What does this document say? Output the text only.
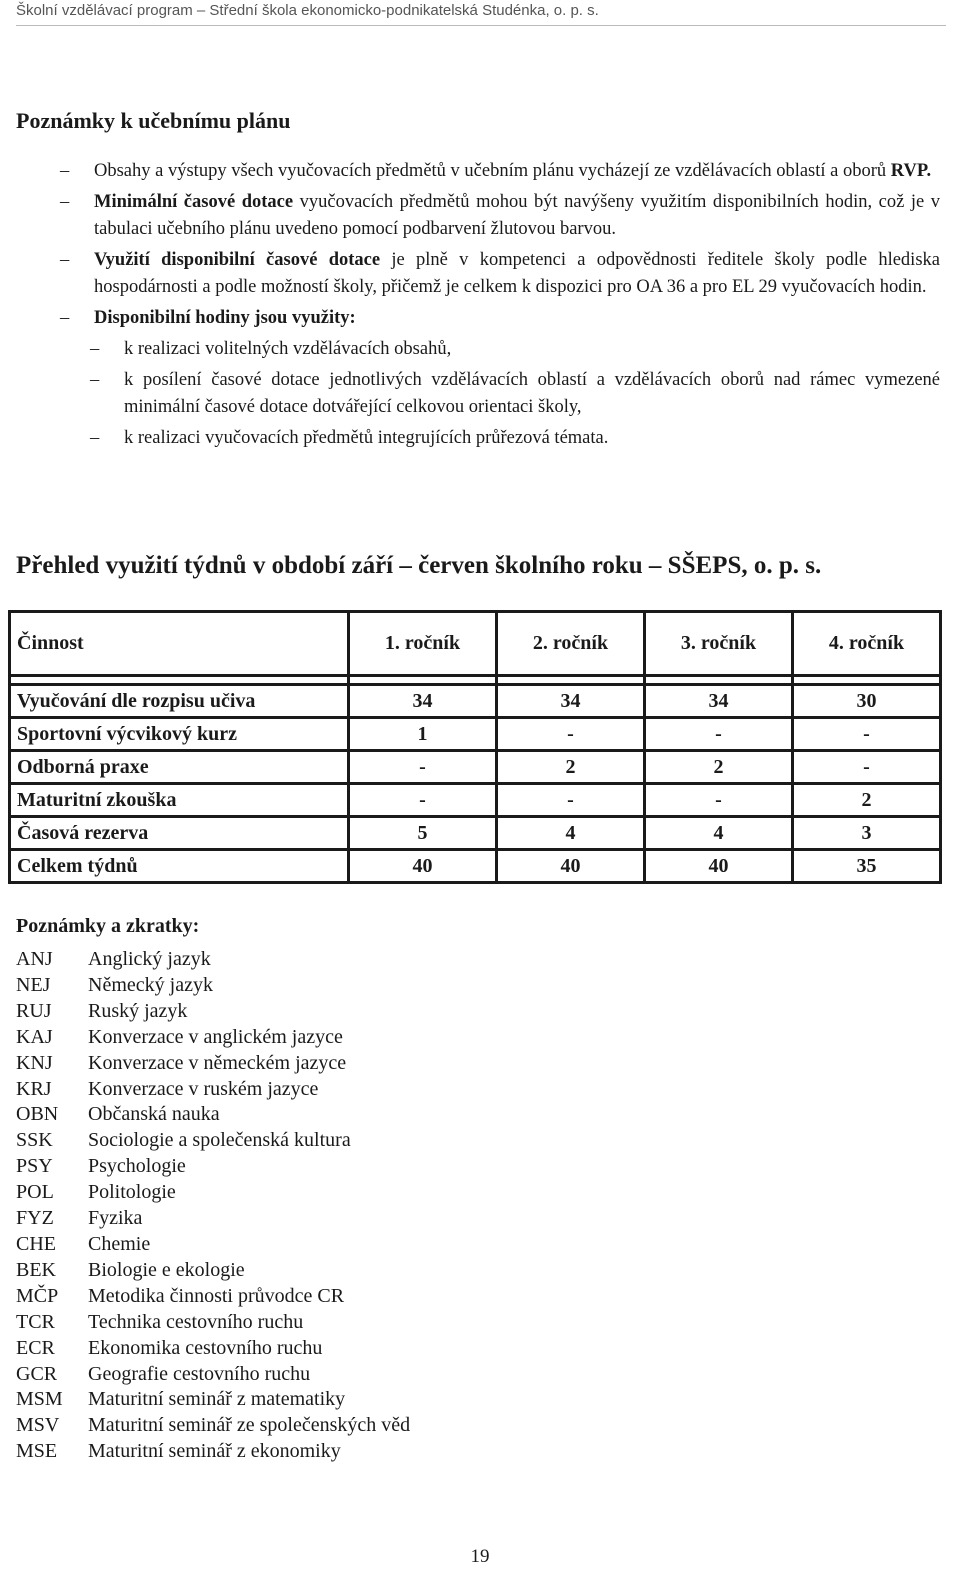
Školní vzdělávací program – Střední škola ekonomicko-podnikatelská Studénka, o. p. s.
Poznámky k učebnímu plánu
– Obsahy a výstupy všech vyučovacích předmětů v učebním plánu vycházejí ze vzdělávacích oblastí a oborů RVP.
– Minimální časové dotace vyučovacích předmětů mohou být navýšeny využitím disponibilních hodin, což je v tabulaci učebního plánu uvedeno pomocí podbarvení žlutovou barvou.
– Využití disponibilní časové dotace je plně v kompetenci a odpovědnosti ředitele školy podle hlediska hospodárnosti a podle možností školy, přičemž je celkem k dispozici pro OA 36 a pro EL 29 vyučovacích hodin.
– Disponibilní hodiny jsou využity:
– k realizaci volitelných vzdělávacích obsahů,
– k posílení časové dotace jednotlivých vzdělávacích oblastí a vzdělávacích oborů nad rámec vymezené minimální časové dotace dotvářející celkovou orientaci školy,
– k realizaci vyučovacích předmětů integrujících průřezová témata.
Přehled využití týdnů v období září – červen školního roku – SŠEPS, o. p. s.
Činnost	1. ročník	2. ročník	3. ročník	4. ročník

Vyučování dle rozpisu učiva	34	34	34	30
Sportovní výcvikový kurz	1	-	-	-
Odborná praxe	-	2	2	-
Maturitní zkouška	-	-	-	2
Časová rezerva	5	4	4	3
Celkem týdnů	40	40	40	35
Poznámky a zkratky:
ANJ	Anglický jazyk
NEJ	Německý jazyk
RUJ	Ruský jazyk
KAJ	Konverzace v anglickém jazyce
KNJ	Konverzace v německém jazyce
KRJ	Konverzace v ruském jazyce
OBN	Občanská nauka
SSK	Sociologie a společenská kultura
PSY	Psychologie
POL	Politologie
FYZ	Fyzika
CHE	Chemie
BEK	Biologie e ekologie
MČP	Metodika činnosti průvodce CR
TCR	Technika cestovního ruchu
ECR	Ekonomika cestovního ruchu
GCR	Geografie cestovního ruchu
MSM	Maturitní seminář z matematiky
MSV	Maturitní seminář ze společenských věd
MSE	Maturitní seminář z ekonomiky
19
